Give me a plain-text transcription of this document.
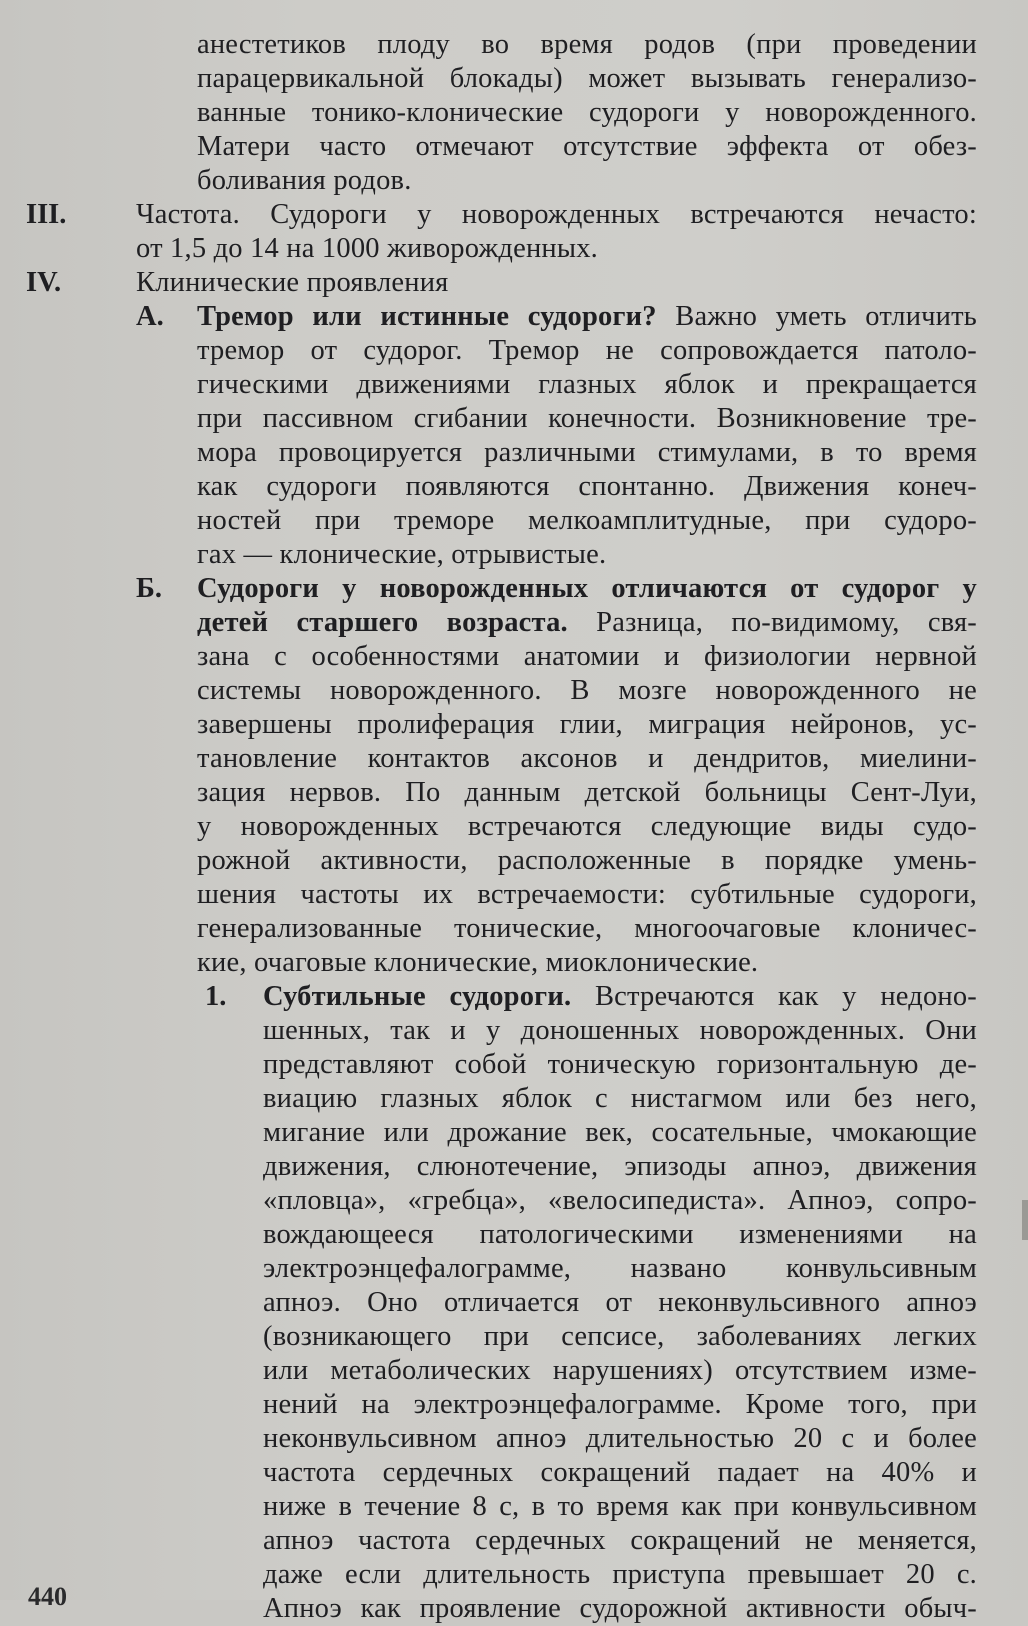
анестетиков плоду во время родов (при проведении
парацервикальной блокады) может вызывать генерализо-
ванные тонико-клонические судороги у новорожденного.
Матери часто отмечают отсутствие эффекта от обез-
боливания родов.
III. Частота. Судороги у новорожденных встречаются нечасто:
от 1,5 до 14 на 1000 живорожденных.
IV.	Клинические проявления
А. Тремор или истинные судороги? Важно уметь отличить
тремор от судорог. Тремор не сопровождается патоло-
гическими движениями глазных яблок и прекращается
при пассивном сгибании конечности. Возникновение тре-
мора провоцируется различными стимулами, в то время
как судороги появляются спонтанно. Движения конеч-
ностей при треморе мелкоамплитудные, при судоро-
гах — клонические, отрывистые.
Б. Судороги у новорожденных отличаются от судорог у
детей старшего возраста. Разница, по-видимому, свя-
зана с особенностями анатомии и физиологии нервной
системы новорожденного. В мозге новорожденного не
завершены пролиферация глии, миграция нейронов, ус-
тановление контактов аксонов и дендритов, миелини-
зация нервов. По данным детской больницы Сент-Луи,
у новорожденных встречаются следующие виды судо-
рожной активности, расположенные в порядке умень-
шения частоты их встречаемости: субтильные судороги,
генерализованные тонические, многоочаговые клоничес-
кие, очаговые клонические, миоклонические.
1. Субтильные судороги. Встречаются как у недоно-
шенных, так и у доношенных новорожденных. Они
представляют собой тоническую горизонтальную де-
виацию глазных яблок с нистагмом или без него,
мигание или дрожание век, сосательные, чмокающие
движения, слюнотечение, эпизоды апноэ, движения
«пловца», «гребца», «велосипедиста». Апноэ, сопро-
вождающееся патологическими изменениями на
электроэнцефалограмме, названо конвульсивным
апноэ. Оно отличается от неконвульсивного апноэ
(возникающего при сепсисе, заболеваниях легких
или метаболических нарушениях) отсутствием изме-
нений на электроэнцефалограмме. Кроме того, при
неконвульсивном апноэ длительностью 20 с и более
частота сердечных сокращений падает на 40% и
ниже в течение 8 с, в то время как при конвульсивном
апноэ частота сердечных сокращений не меняется,
даже если длительность приступа превышает 20 с.
Апноэ как проявление судорожной активности обыч-
440
